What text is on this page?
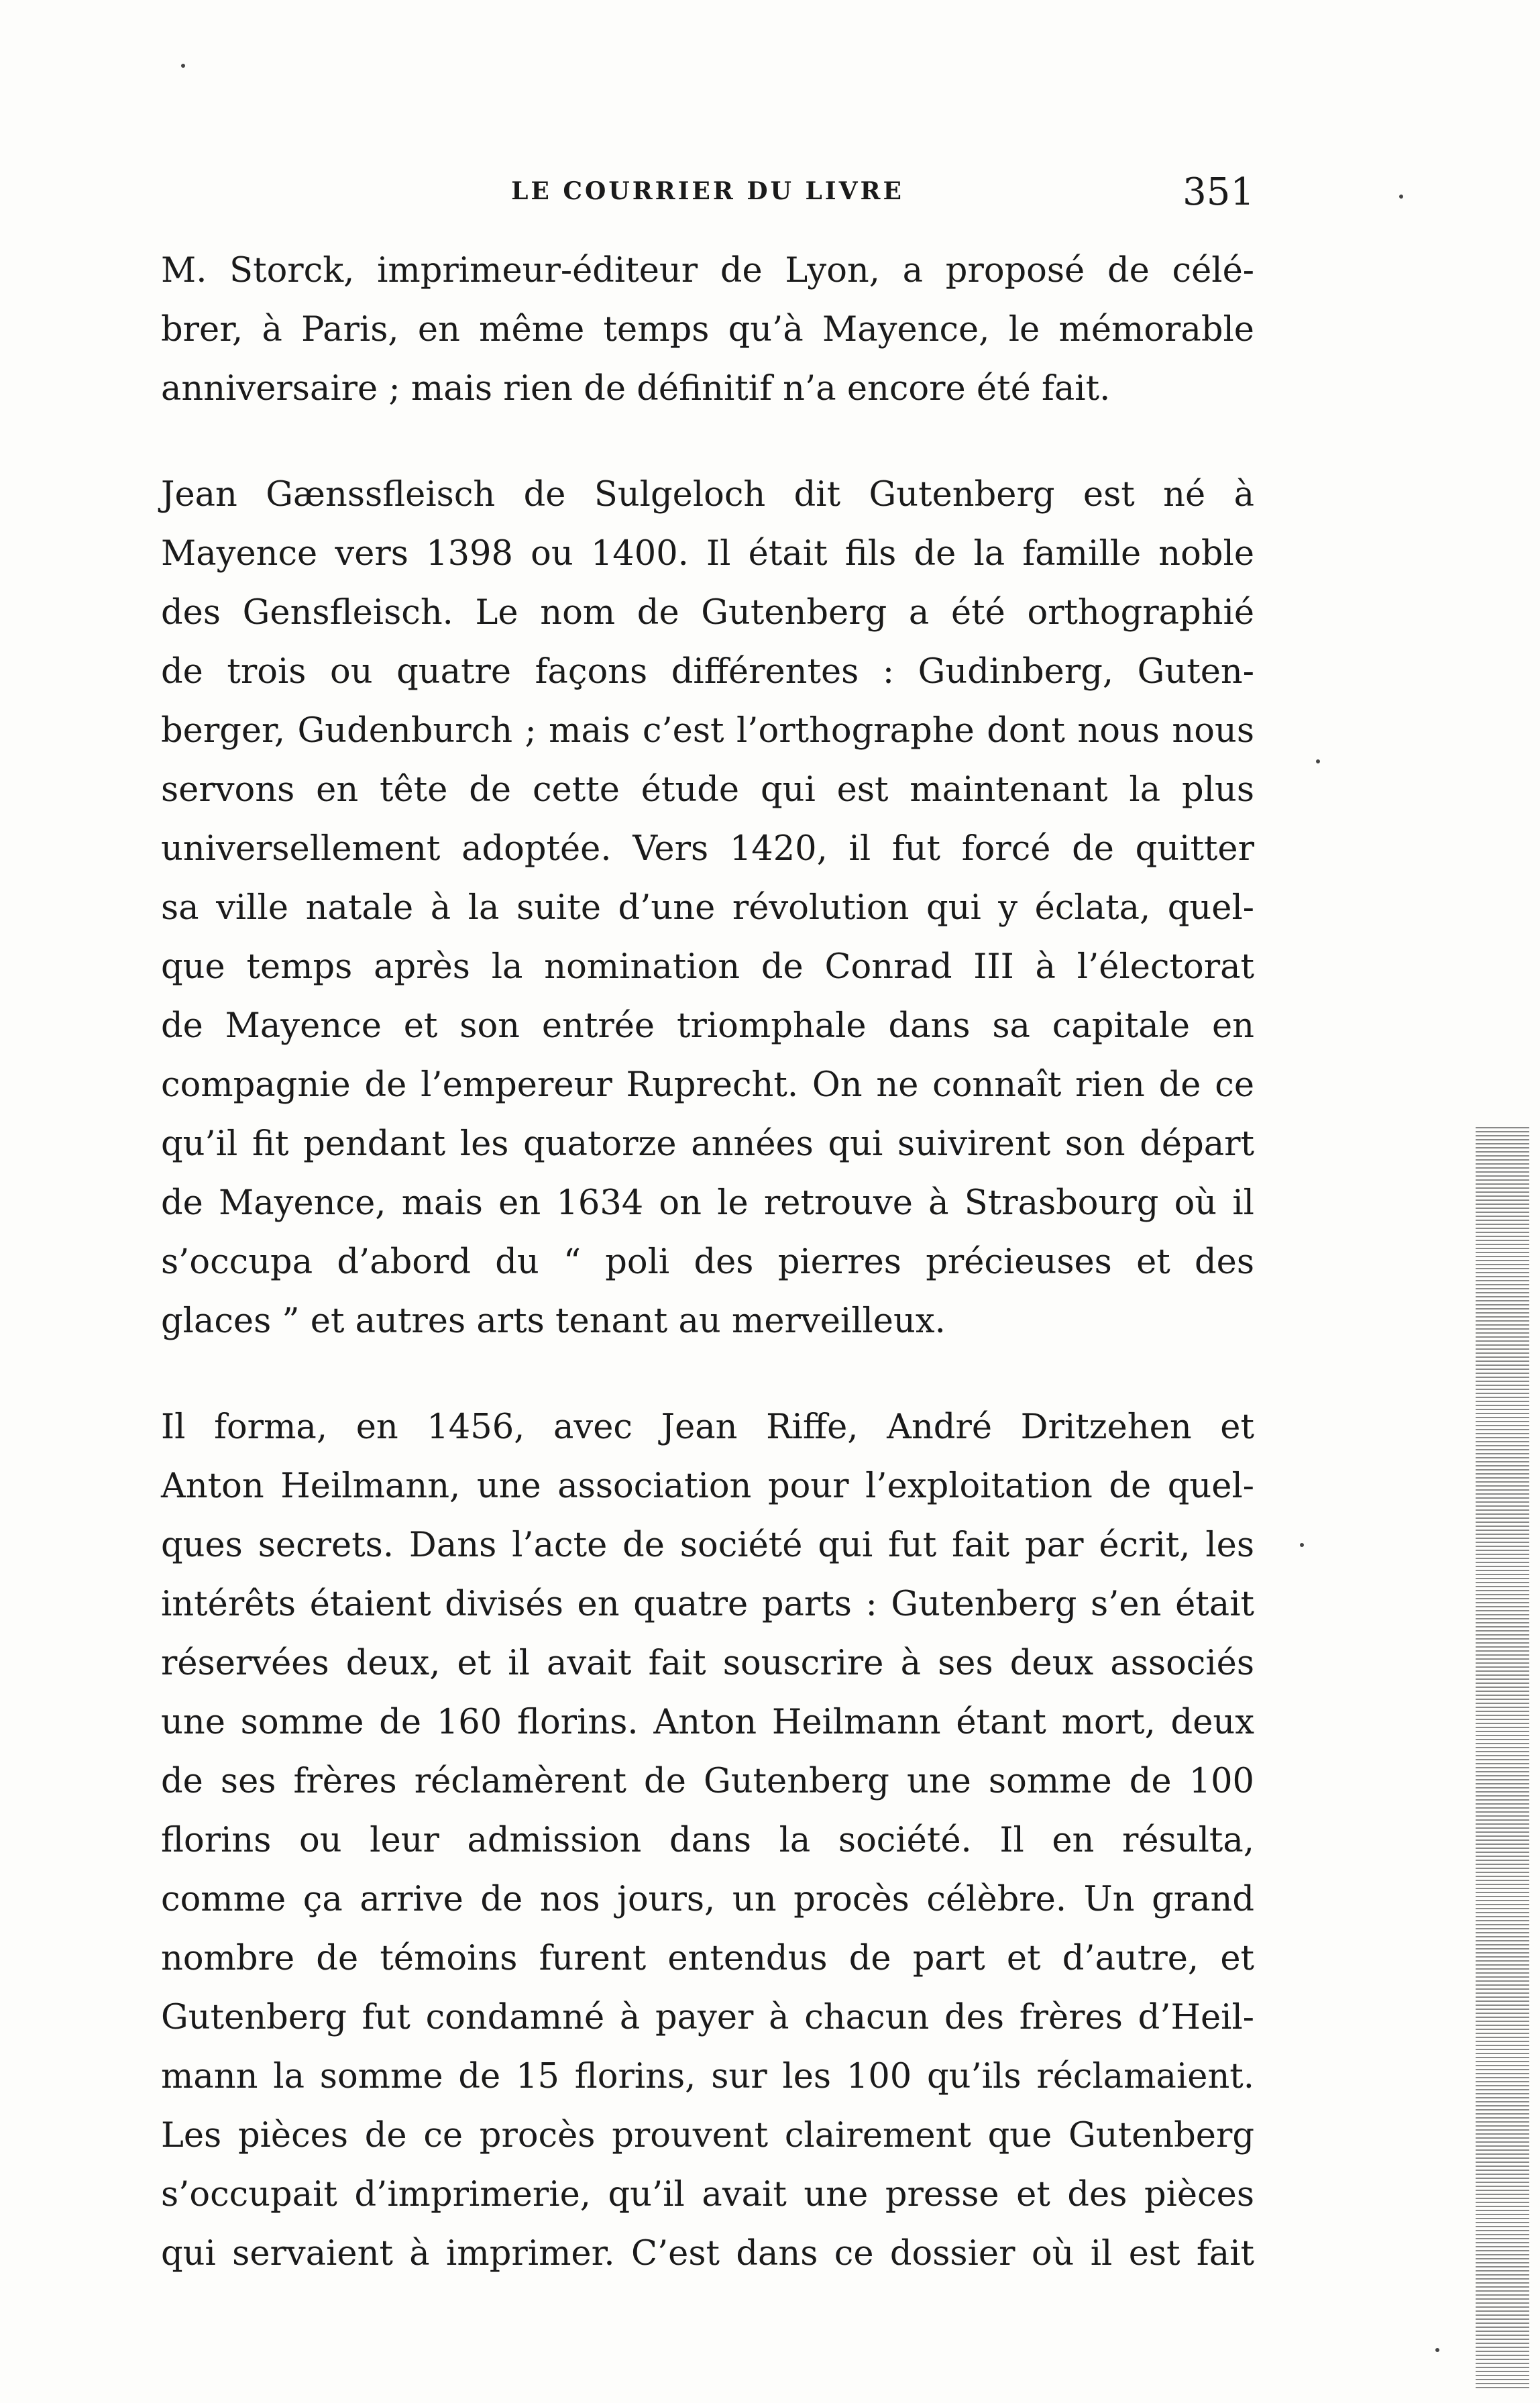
LE COURRIER DU LIVRE	351

M. Storck, imprimeur-éditeur de Lyon, a proposé de célé-
brer, à Paris, en même temps qu’à Mayence, le mémorable
anniversaire ; mais rien de définitif n’a encore été fait.

Jean Gænssfleisch de Sulgeloch dit Gutenberg est né à
Mayence vers 1398 ou 1400. Il était fils de la famille noble
des Gensfleisch. Le nom de Gutenberg a été orthographié
de trois ou quatre façons différentes : Gudinberg, Guten-
berger, Gudenburch ; mais c’est l’orthographe dont nous nous
servons en tête de cette étude qui est maintenant la plus
universellement adoptée. Vers 1420, il fut forcé de quitter
sa ville natale à la suite d’une révolution qui y éclata, quel-
que temps après la nomination de Conrad III à l’électorat
de Mayence et son entrée triomphale dans sa capitale en
compagnie de l’empereur Ruprecht. On ne connaît rien de ce
qu’il fit pendant les quatorze années qui suivirent son départ
de Mayence, mais en 1634 on le retrouve à Strasbourg où il
s’occupa d’abord du “ poli des pierres précieuses et des
glaces ” et autres arts tenant au merveilleux.

Il forma, en 1456, avec Jean Riffe, André Dritzehen et
Anton Heilmann, une association pour l’exploitation de quel-
ques secrets. Dans l’acte de société qui fut fait par écrit, les
intérêts étaient divisés en quatre parts : Gutenberg s’en était
réservées deux, et il avait fait souscrire à ses deux associés
une somme de 160 florins. Anton Heilmann étant mort, deux
de ses frères réclamèrent de Gutenberg une somme de 100
florins ou leur admission dans la société. Il en résulta,
comme ça arrive de nos jours, un procès célèbre. Un grand
nombre de témoins furent entendus de part et d’autre, et
Gutenberg fut condamné à payer à chacun des frères d’Heil-
mann la somme de 15 florins, sur les 100 qu’ils réclamaient.
Les pièces de ce procès prouvent clairement que Gutenberg
s’occupait d’imprimerie, qu’il avait une presse et des pièces
qui servaient à imprimer. C’est dans ce dossier où il est fait
